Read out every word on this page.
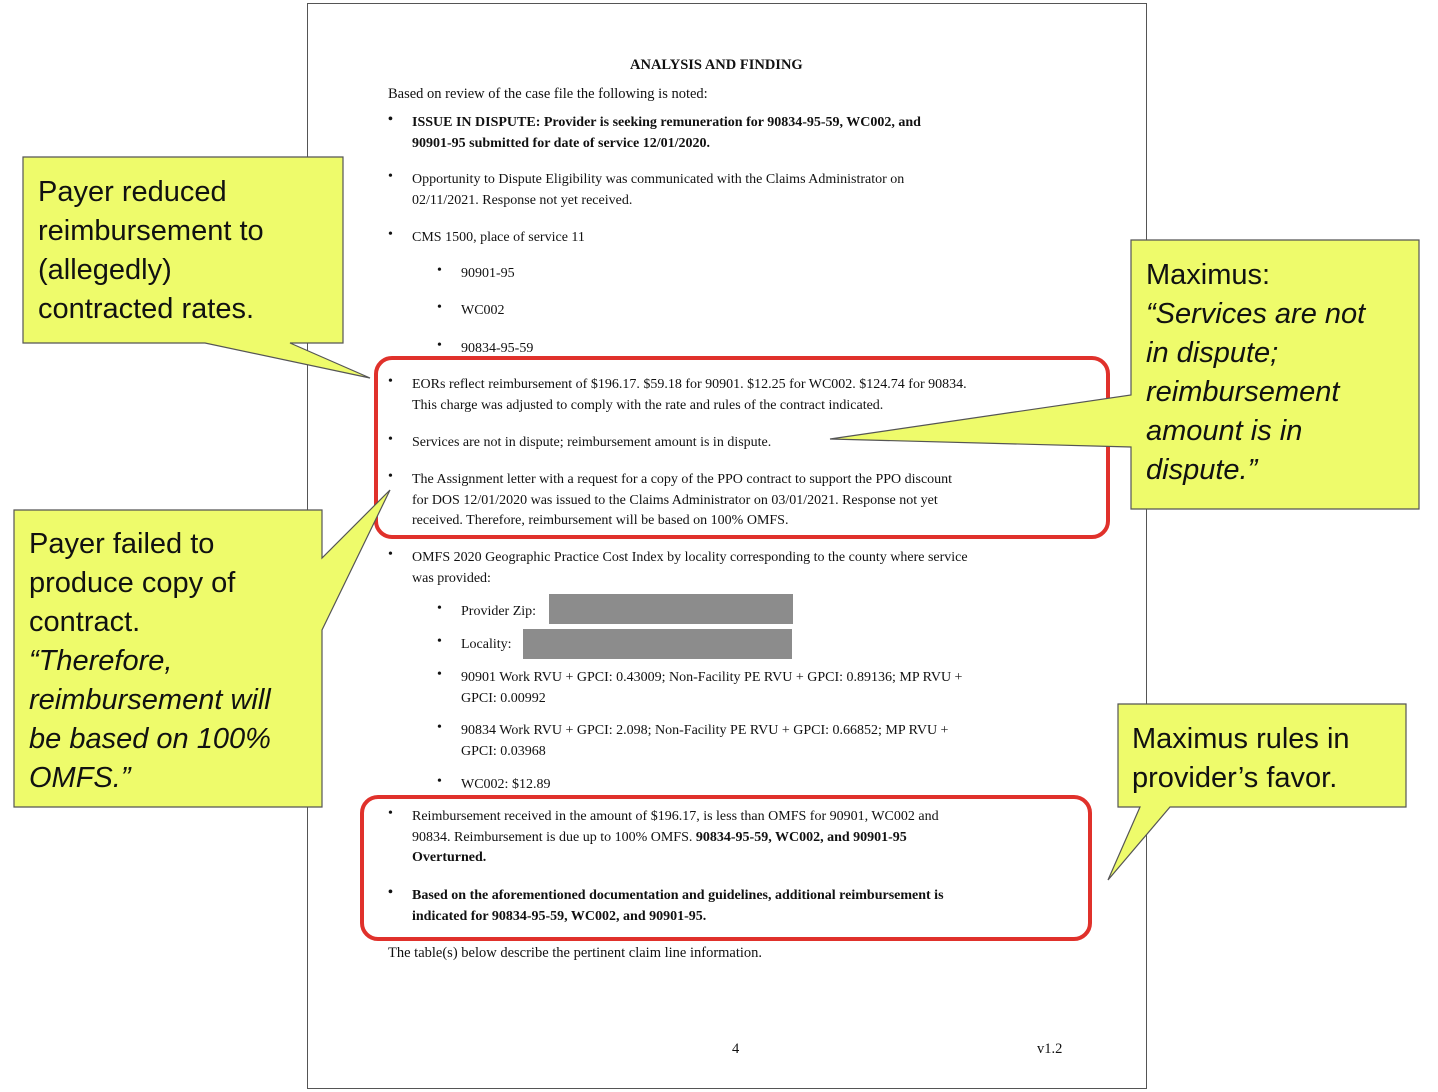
ANALYSIS AND FINDING
Based on review of the case file the following is noted:
• ISSUE IN DISPUTE: Provider is seeking remuneration for 90834-95-59, WC002, and
90901-95 submitted for date of service 12/01/2020.
• Opportunity to Dispute Eligibility was communicated with the Claims Administrator on
02/11/2021. Response not yet received.
• CMS 1500, place of service 11
• 90901-95
• WC002
• 90834-95-59
• EORs reflect reimbursement of $196.17. $59.18 for 90901. $12.25 for WC002. $124.74 for 90834.
This charge was adjusted to comply with the rate and rules of the contract indicated.
• Services are not in dispute; reimbursement amount is in dispute.
• The Assignment letter with a request for a copy of the PPO contract to support the PPO discount
for DOS 12/01/2020 was issued to the Claims Administrator on 03/01/2021. Response not yet
received. Therefore, reimbursement will be based on 100% OMFS.
• OMFS 2020 Geographic Practice Cost Index by locality corresponding to the county where service
was provided:
• Provider Zip:
• Locality:
• 90901 Work RVU + GPCI: 0.43009; Non-Facility PE RVU + GPCI: 0.89136; MP RVU +
GPCI: 0.00992
• 90834 Work RVU + GPCI: 2.098; Non-Facility PE RVU + GPCI: 0.66852; MP RVU +
GPCI: 0.03968
• WC002: $12.89
• Reimbursement received in the amount of $196.17, is less than OMFS for 90901, WC002 and
90834. Reimbursement is due up to 100% OMFS. 90834-95-59, WC002, and 90901-95
Overturned.
• Based on the aforementioned documentation and guidelines, additional reimbursement is
indicated for 90834-95-59, WC002, and 90901-95.
The table(s) below describe the pertinent claim line information.
4	v1.2
Payer reduced
reimbursement to
(allegedly)
contracted rates.
Payer failed to
produce copy of
contract.
“Therefore,
reimbursement will
be based on 100%
OMFS.”
Maximus:
“Services are not
in dispute;
reimbursement
amount is in
dispute.”
Maximus rules in
provider’s favor.
